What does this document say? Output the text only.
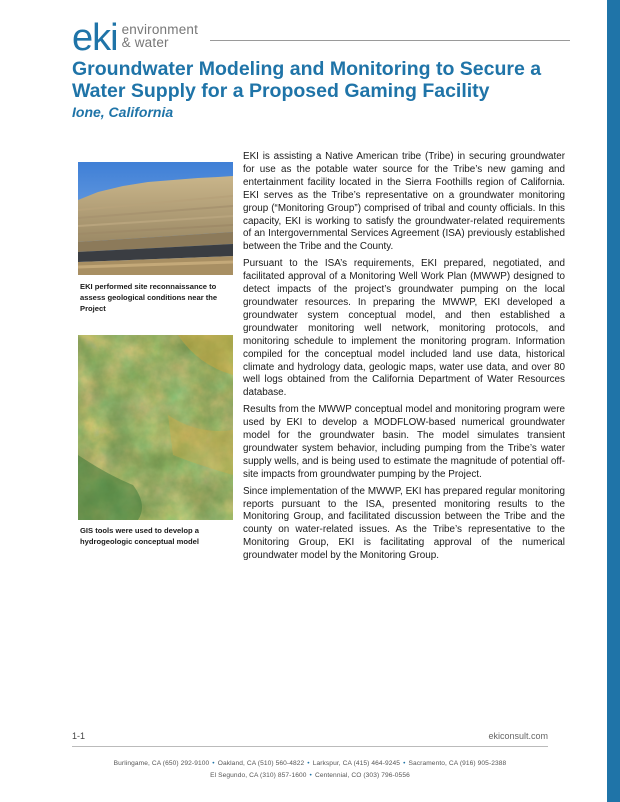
eki environment
& water
Groundwater Modeling and Monitoring to Secure a Water Supply for a Proposed Gaming Facility
Ione, California

EKI performed site reconnaissance to assess geological conditions near the Project

GIS tools were used to develop a hydrogeologic conceptual model

EKI is assisting a Native American tribe (Tribe) in securing groundwater for use as the potable water source for the Tribe’s new gaming and entertainment facility located in the Sierra Foothills region of California. EKI serves as the Tribe’s representative on a groundwater monitoring group (“Monitoring Group”) comprised of tribal and county officials. In this capacity, EKI is working to satisfy the groundwater-related requirements of an Intergovernmental Services Agreement (ISA) previously established between the Tribe and the County.

Pursuant to the ISA’s requirements, EKI prepared, negotiated, and facilitated approval of a Monitoring Well Work Plan (MWWP) designed to detect impacts of the project’s groundwater pumping on the local groundwater resources. In preparing the MWWP, EKI developed a groundwater system conceptual model, and then established a groundwater monitoring well network, monitoring protocols, and monitoring schedule to implement the monitoring program. Information compiled for the conceptual model included land use data, historical climate and hydrology data, geologic maps, water use data, and over 80 well logs obtained from the California Department of Water Resources database.

Results from the MWWP conceptual model and monitoring program were used by EKI to develop a MODFLOW-based numerical groundwater model for the groundwater basin. The model simulates transient groundwater system behavior, including pumping from the Tribe’s water supply wells, and is being used to estimate the magnitude of potential off-site impacts from groundwater pumping by the Project.

Since implementation of the MWWP, EKI has prepared regular monitoring reports pursuant to the ISA, presented monitoring results to the Monitoring Group, and facilitated discussion between the Tribe and the county on water-related issues. As the Tribe’s representative to the Monitoring Group, EKI is facilitating approval of the numerical groundwater model by the Monitoring Group.

1-1	ekiconsult.com
Burlingame, CA (650) 292-9100 • Oakland, CA (510) 560-4822 • Larkspur, CA (415) 464-9245 • Sacramento, CA (916) 905-2388
El Segundo, CA (310) 857-1600 • Centennial, CO (303) 796-0556
